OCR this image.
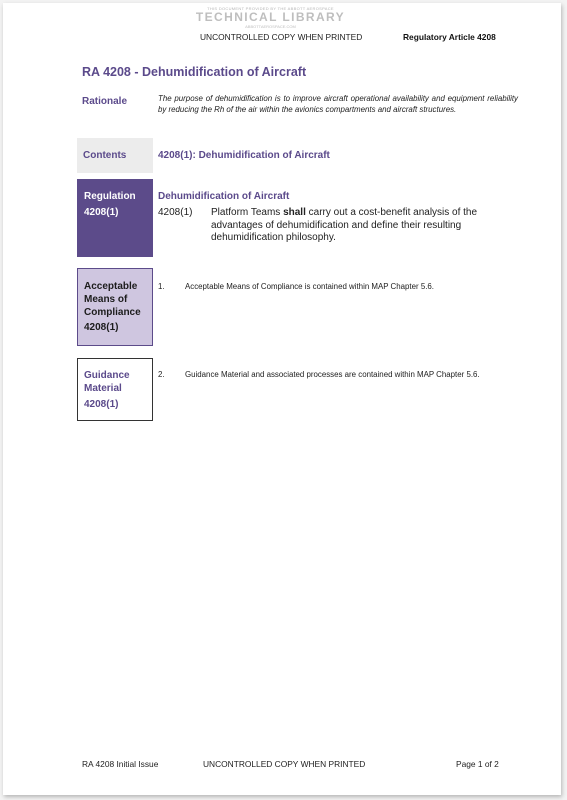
THIS DOCUMENT PROVIDED BY THE ABBOTT AEROSPACE
TECHNICAL LIBRARY
ABBOTTAEROSPACE.COM
UNCONTROLLED COPY WHEN PRINTED	Regulatory Article 4208
RA 4208 - Dehumidification of Aircraft
Rationale	The purpose of dehumidification is to improve aircraft operational availability and equipment reliability by reducing the Rh of the air within the avionics compartments and aircraft structures.
Contents	4208(1): Dehumidification of Aircraft
Regulation
4208(1)
Dehumidification of Aircraft
4208(1) Platform Teams shall carry out a cost-benefit analysis of the advantages of dehumidification and define their resulting dehumidification philosophy.
Acceptable
Means of
Compliance
4208(1)
1.	Acceptable Means of Compliance is contained within MAP Chapter 5.6.
Guidance
Material
4208(1)
2.	Guidance Material and associated processes are contained within MAP Chapter 5.6.
RA 4208 Initial Issue	UNCONTROLLED COPY WHEN PRINTED	Page 1 of 2
